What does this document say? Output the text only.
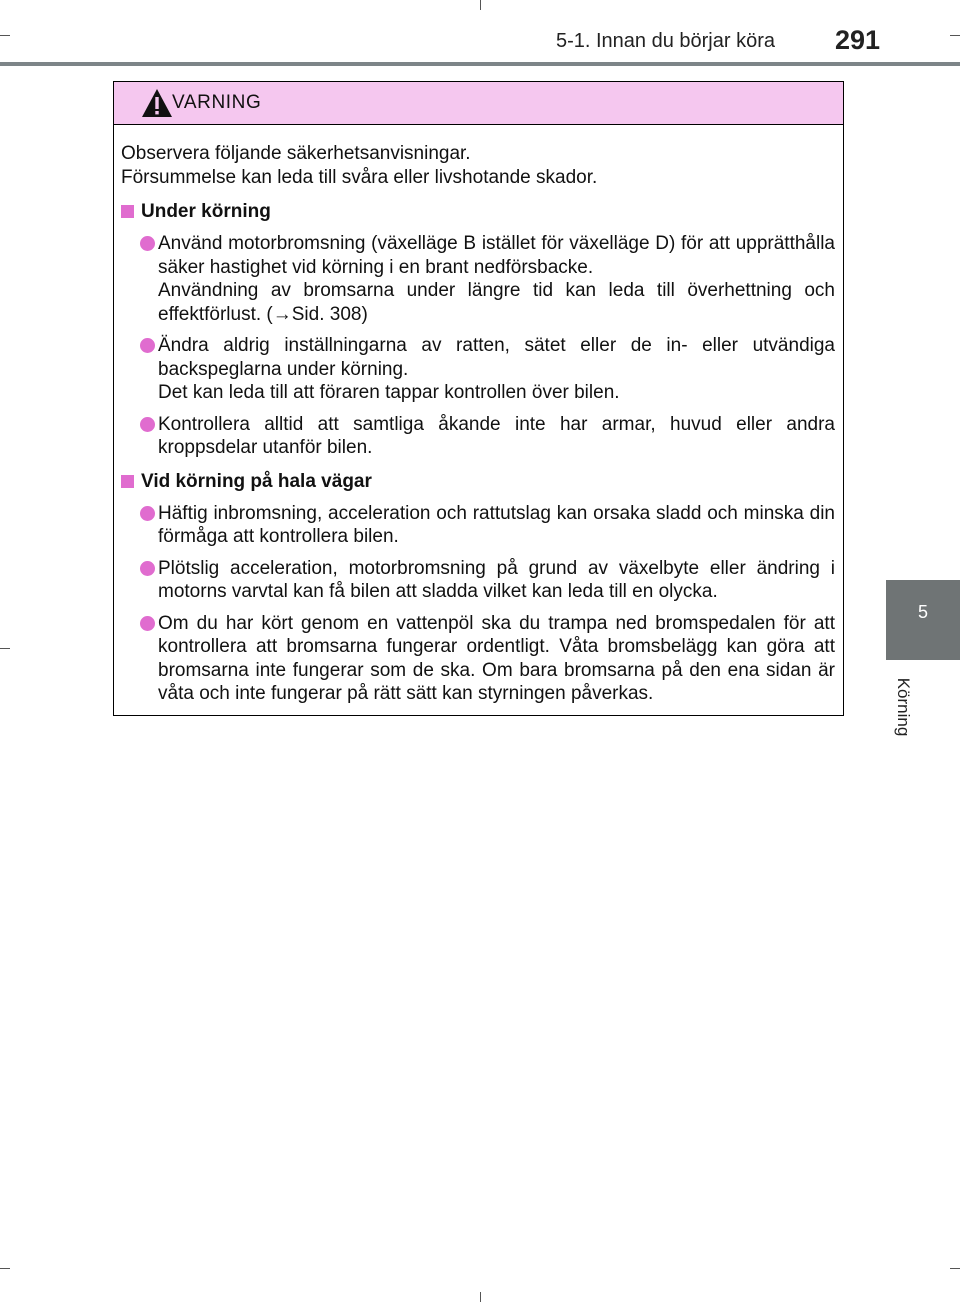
5-1. Innan du börjar köra	291
5
Körning
VARNING

Observera följande säkerhetsanvisningar.

Försummelse kan leda till svåra eller livshotande skador.

Under körning

Använd motorbromsning (växelläge B istället för växelläge D) för att upprätthålla säker hastighet vid körning i en brant nedförsbacke.

Användning av bromsarna under längre tid kan leda till överhettning och effektförlust. (→Sid. 308)

Ändra aldrig inställningarna av ratten, sätet eller de in- eller utvändiga backspeglarna under körning.

Det kan leda till att föraren tappar kontrollen över bilen.

Kontrollera alltid att samtliga åkande inte har armar, huvud eller andra kroppsdelar utanför bilen.

Vid körning på hala vägar

Häftig inbromsning, acceleration och rattutslag kan orsaka sladd och minska din förmåga att kontrollera bilen.

Plötslig acceleration, motorbromsning på grund av växelbyte eller ändring i motorns varvtal kan få bilen att sladda vilket kan leda till en olycka.

Om du har kört genom en vattenpöl ska du trampa ned bromspedalen för att kontrollera att bromsarna fungerar ordentligt. Våta bromsbelägg kan göra att bromsarna inte fungerar som de ska. Om bara bromsarna på den ena sidan är våta och inte fungerar på rätt sätt kan styrningen påverkas.
